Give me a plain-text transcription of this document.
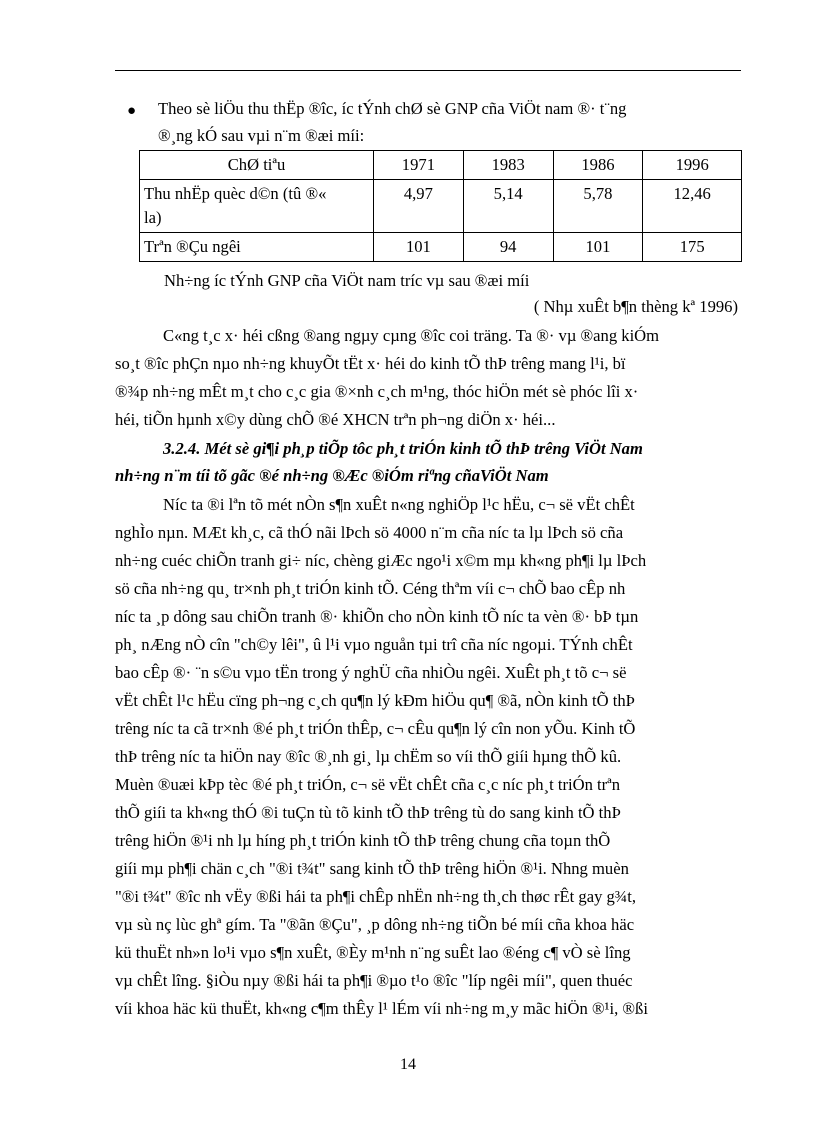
● Theo sè liÖu thu thËp ®îc, íc tÝnh chØ sè GNP cña ViÖt nam ®· t¨ng
®¸ng kÓ sau vµi n¨m ®æi míi:
ChØ tiªu	1971	1983	1986	1996

Thu nhËp quèc d©n (tû ®«
la)	4,97	5,14	5,78	12,46

Trªn ®Çu ngêi	101	94	101	175
Nh÷ng íc tÝnh GNP cña ViÖt nam tríc vµ sau ®æi míi
( Nhµ xuÊt b¶n thèng kª 1996)
C«ng t¸c x· héi cßng ®ang ngµy cµng ®îc coi träng. Ta ®· vµ ®ang kiÓm
so¸t ®îc phÇn nµo nh÷ng khuyÕt tËt x· héi do kinh tÕ thÞ trêng mang l¹i, bï
®¾p nh÷ng mÊt m¸t cho c¸c gia ®×nh c¸ch m¹ng, thóc hiÖn mét sè phóc lîi x·
héi, tiÕn hµnh x©y dùng chÕ ®é XHCN trªn ph¬ng diÖn x· héi...
3.2.4. Mét sè gi¶i ph¸p tiÕp tôc ph¸t triÓn kinh tÕ thÞ trêng ViÖt Nam
nh÷ng n¨m tíi tõ gãc ®é nh÷ng ®Æc ®iÓm riªng cñaViÖt Nam
Níc ta ®i lªn tõ mét nÒn s¶n xuÊt n«ng nghiÖp l¹c hËu, c¬ së vËt chÊt
nghÌo nµn. MÆt kh¸c, cã thÓ nãi lÞch sö 4000 n¨m cña níc ta lµ lÞch sö cña
nh÷ng cuéc chiÕn tranh gi÷ níc, chèng giÆc ngo¹i x©m mµ kh«ng ph¶i lµ lÞch
sö cña nh÷ng qu¸ tr×nh ph¸t triÓn kinh tÕ. Céng thªm víi c¬ chÕ bao cÊp nh
níc ta ¸p dông sau chiÕn tranh ®· khiÕn cho nÒn kinh tÕ níc ta vèn ®· bÞ tµn
ph¸ nÆng nÒ cîn "ch©y lêi", û l¹i vµo nguån tµi trî cña níc ngoµi. TÝnh chÊt
bao cÊp ®· ¨n s©u vµo tËn trong ý nghÜ cña nhiÒu ngêi. XuÊt ph¸t tõ c¬ së
vËt chÊt l¹c hËu cïng ph¬ng c¸ch qu¶n lý kÐm hiÖu qu¶ ®ã, nÒn kinh tÕ thÞ
trêng níc ta cã tr×nh ®é ph¸t triÓn thÊp, c¬ cÊu qu¶n lý cîn non yÕu. Kinh tÕ
thÞ trêng níc ta hiÖn nay ®îc ®¸nh gi¸ lµ chËm so víi thÕ giíi hµng thÕ kû.
Muèn ®uæi kÞp tèc ®é ph¸t triÓn, c¬ së vËt chÊt cña c¸c níc ph¸t triÓn trªn
thÕ giíi ta kh«ng thÓ ®i tuÇn tù tõ kinh tÕ thÞ trêng tù do sang kinh tÕ thÞ
trêng hiÖn ®¹i nh lµ híng ph¸t triÓn kinh tÕ thÞ trêng chung cña toµn thÕ
giíi mµ ph¶i chän c¸ch "®i t¾t" sang kinh tÕ thÞ trêng hiÖn ®¹i. Nhng muèn
"®i t¾t" ®îc nh vËy ®ßi hái ta ph¶i chÊp nhËn nh÷ng th¸ch thøc rÊt gay g¾t,
vµ sù nç lùc ghª gím. Ta "®ãn ®Çu", ¸p dông nh÷ng tiÕn bé míi cña khoa häc
kü thuËt nh»n lo¹i vµo s¶n xuÊt, ®Èy m¹nh n¨ng suÊt lao ®éng c¶ vÒ sè lîng
vµ chÊt lîng. §iÒu nµy ®ßi hái ta ph¶i ®µo t¹o ®îc "líp ngêi míi", quen thuéc
víi khoa häc kü thuËt, kh«ng c¶m thÊy l¹ lÉm víi nh÷ng m¸y mãc hiÖn ®¹i, ®ßi
14
